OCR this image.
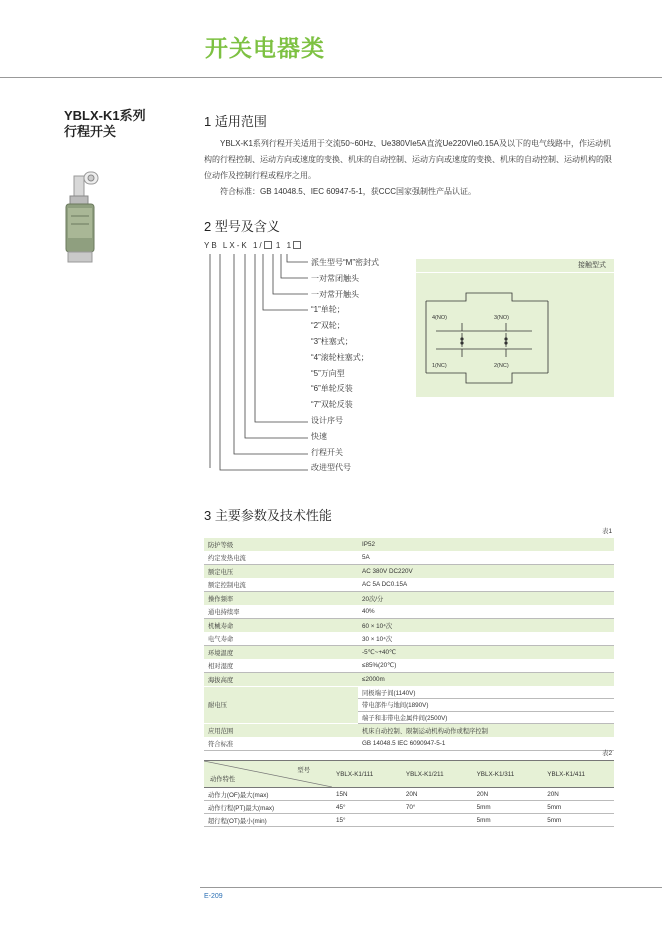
开关电器类
YBLX-K1系列
行程开关
1 适用范围
YBLX-K1系列行程开关适用于交流50~60Hz、Ue380VIe5A直流Ue220VIe0.15A及以下的电气线路中，作运动机构的行程控制、运动方向或速度的变换、机床的自动控制、运动方向或速度的变换、机床的自动控制、运动机构的限位动作及控制行程或程序之用。
符合标准：GB 14048.5、IEC 60947-5-1，获CCC国家强制性产品认证。
2 型号及含义
YB LX-K 1/ 1 1
派生型号“M”密封式
一对常闭触头
一对常开触头
“1”单轮；
“2”双轮；
“3”柱塞式；
“4”滚轮柱塞式；
“5”万向型
“6”单轮反装
“7”双轮反装
设计序号
快速
行程开关
改进型代号
接触型式
4(NO)	3(NO)
1(NC)	2(NC)
3 主要参数及技术性能
表1
防护等级	IP52
约定发热电流	5A
额定电压	AC 380V DC220V
额定控制电流	AC 5A DC0.15A
操作频率	20次/分
通电持续率	40%
机械寿命	60 × 10⁴次
电气寿命	30 × 10⁴次
环境温度	-5℃~+40℃
相对湿度	≤85%(20℃)
海拔高度	≤2000m
耐电压	同极端子间(1140V)
	带电部件与地间(1890V)
	端子和非带电金属件间(2500V)
应用范围	机床自动控制、限制运动机构动作或程序控制
符合标准	GB 14048.5 IEC 6090947-5-1
表2
型号
动作特性	YBLX-K1/111	YBLX-K1/211	YBLX-K1/311	YBLX-K1/411
动作力(OF)最大(max)	15N	20N	20N	20N
动作行程(PT)最大(max)	45°	70°	5mm	5mm
超行程(OT)最小(min)	15°		5mm	5mm
E-209
